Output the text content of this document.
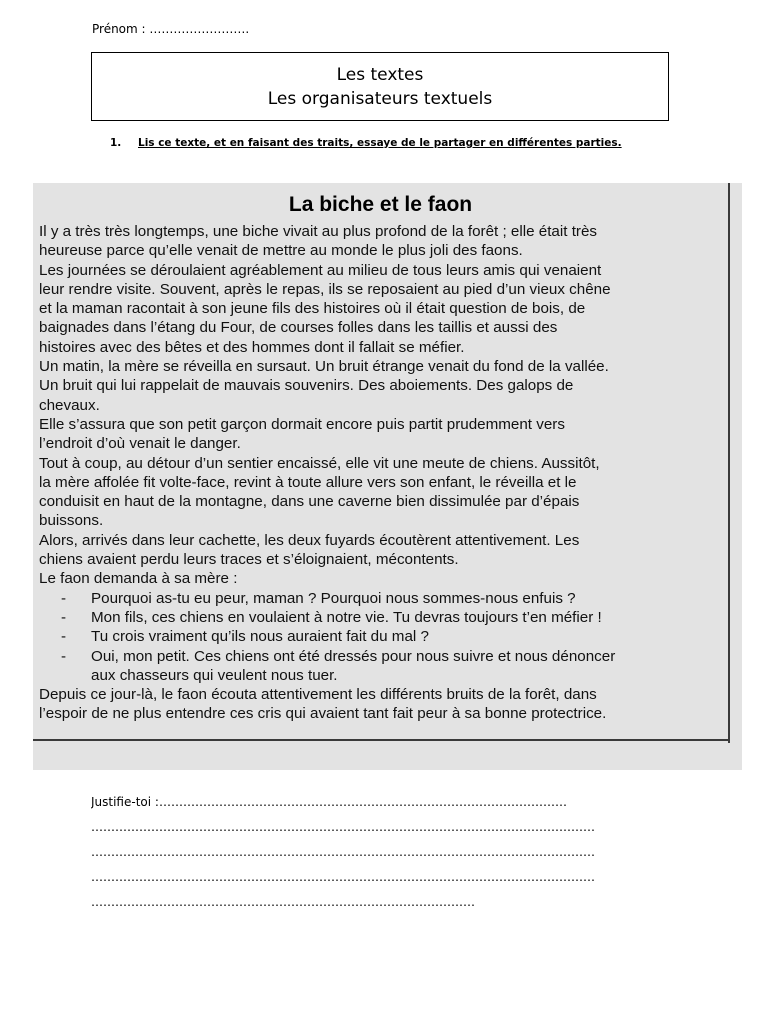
Prénom : …………………….
Les textes
Les organisateurs textuels
1. Lis ce texte, et en faisant des traits, essaye de le partager en différentes parties.
La biche et le faon
Il y a très très longtemps, une biche vivait au plus profond de la forêt ; elle était très
heureuse parce qu’elle venait de mettre au monde le plus joli des faons.
Les journées se déroulaient agréablement au milieu de tous leurs amis qui venaient
leur rendre visite. Souvent, après le repas, ils se reposaient au pied d’un vieux chêne
et la maman racontait à son jeune fils des histoires où il était question de bois, de
baignades dans l’étang du Four, de courses folles dans les taillis et aussi des
histoires avec des bêtes et des hommes dont il fallait se méfier.
Un matin, la mère se réveilla en sursaut. Un bruit étrange venait du fond de la vallée.
Un bruit qui lui rappelait de mauvais souvenirs. Des aboiements. Des galops de
chevaux.
Elle s’assura que son petit garçon dormait encore puis partit prudemment vers
l’endroit d’où venait le danger.
Tout à coup, au détour d’un sentier encaissé, elle vit une meute de chiens. Aussitôt,
la mère affolée fit volte-face, revint à toute allure vers son enfant, le réveilla et le
conduisit en haut de la montagne, dans une caverne bien dissimulée par d’épais
buissons.
Alors, arrivés dans leur cachette, les deux fuyards écoutèrent attentivement. Les
chiens avaient perdu leurs traces et s’éloignaient, mécontents.
Le faon demanda à sa mère :
- Pourquoi as-tu eu peur, maman ? Pourquoi nous sommes-nous enfuis ?
- Mon fils, ces chiens en voulaient à notre vie. Tu devras toujours t’en méfier !
- Tu crois vraiment qu’ils nous auraient fait du mal ?
- Oui, mon petit. Ces chiens ont été dressés pour nous suivre et nous dénoncer
aux chasseurs qui veulent nous tuer.
Depuis ce jour-là, le faon écouta attentivement les différents bruits de la forêt, dans
l’espoir de ne plus entendre ces cris qui avaient tant fait peur à sa bonne protectrice.
Justifie-toi :…………………………………………………………………………………………
………………………………………………………………………………………………………………
………………………………………………………………………………………………………………
………………………………………………………………………………………………………………
……………………………………………………………………………………
